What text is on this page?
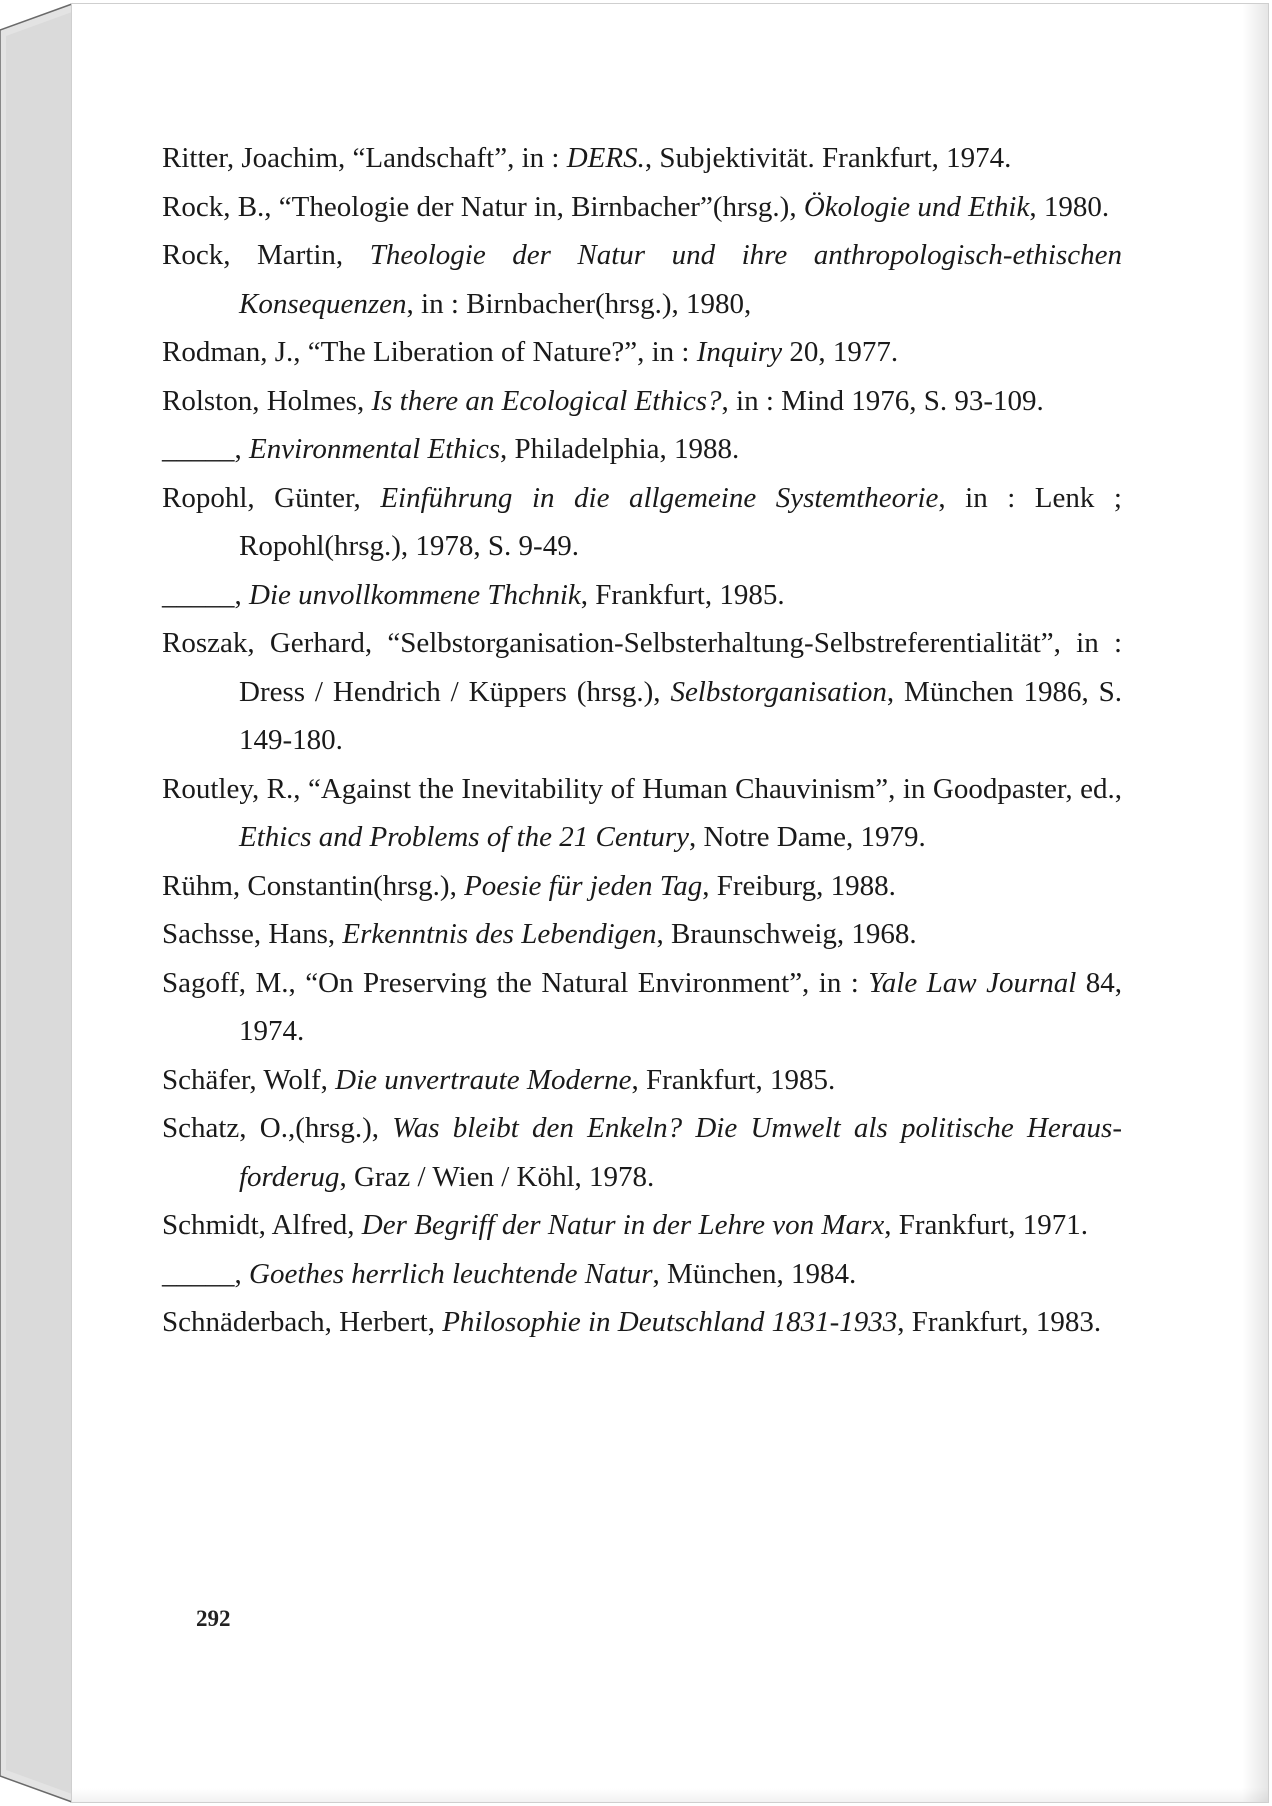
Ritter, Joachim, “Landschaft”, in : DERS., Subjektivität. Frankfurt, 1974.

Rock, B., “Theologie der Natur in, Birnbacher”(hrsg.), Ökologie und Ethik, 1980.

Rock, Martin, Theologie der Natur und ihre anthropologisch-ethischen Konsequenzen, in : Birnbacher(hrsg.), 1980,

Rodman, J., “The Liberation of Nature?”, in : Inquiry 20, 1977.

Rolston, Holmes, Is there an Ecological Ethics?, in : Mind 1976, S. 93-109.

_____, Environmental Ethics, Philadelphia, 1988.

Ropohl, Günter, Einführung in die allgemeine Systemtheorie, in : Lenk ; Ropohl(hrsg.), 1978, S. 9-49.

_____, Die unvollkommene Thchnik, Frankfurt, 1985.

Roszak, Gerhard, “Selbstorganisation-Selbsterhaltung-Selbstreferentialität”, in : Dress / Hendrich / Küppers (hrsg.), Selbstorganisation, München 1986, S. 149-180.

Routley, R., “Against the Inevitability of Human Chauvinism”, in Goodpaster, ed., Ethics and Problems of the 21 Century, Notre Dame, 1979.

Rühm, Constantin(hrsg.), Poesie für jeden Tag, Freiburg, 1988.

Sachsse, Hans, Erkenntnis des Lebendigen, Braunschweig, 1968.

Sagoff, M., “On Preserving the Natural Environment”, in : Yale Law Journal 84, 1974.

Schäfer, Wolf, Die unvertraute Moderne, Frankfurt, 1985.

Schatz, O.,(hrsg.), Was bleibt den Enkeln? Die Umwelt als politische Heraus-forderug, Graz / Wien / Köhl, 1978.

Schmidt, Alfred, Der Begriff der Natur in der Lehre von Marx, Frankfurt, 1971.

_____, Goethes herrlich leuchtende Natur, München, 1984.

Schnäderbach, Herbert, Philosophie in Deutschland 1831-1933, Frankfurt, 1983.

292
